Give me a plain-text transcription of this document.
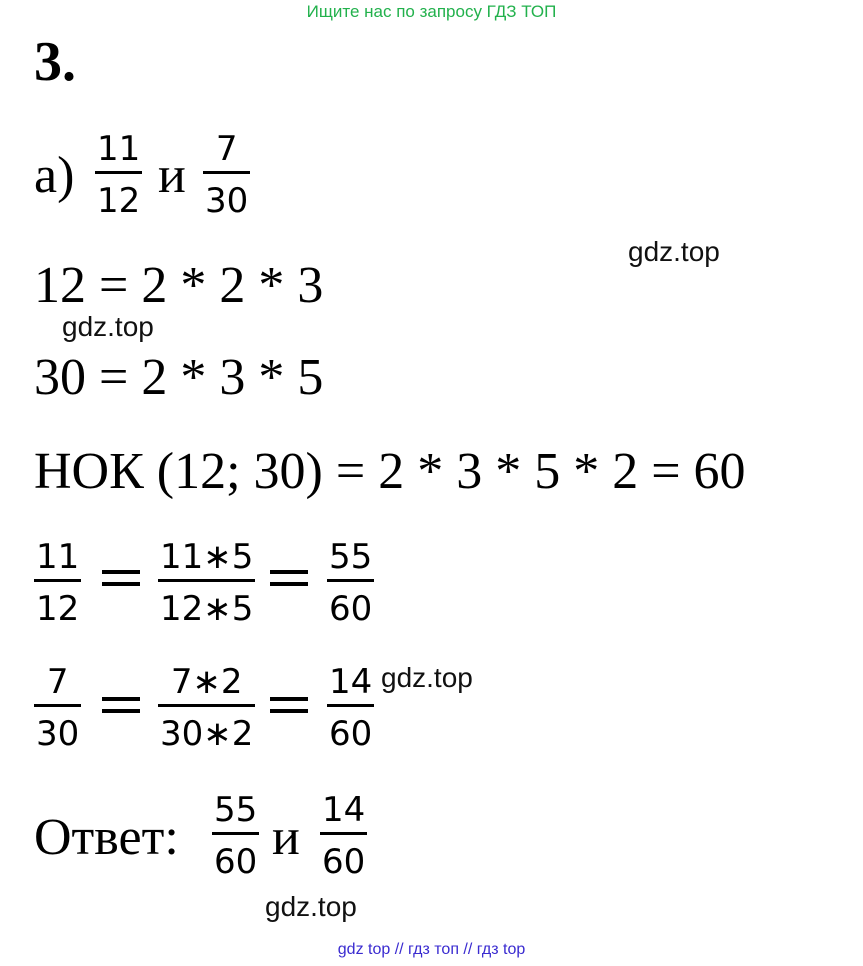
Ищите нас по запросу ГДЗ ТОП
3.
а) 11
12 и 7
30
gdz.top
12 = 2 * 2 * 3
gdz.top
30 = 2 * 3 * 5
НОК (12; 30) = 2 * 3 * 5 * 2 = 60
11
12
11∗5
12∗5
55
60
7
30
7∗2
30∗2
14
60
gdz.top
Ответ: 55
60 и 14
60
gdz.top
gdz top // гдз топ // гдз top
